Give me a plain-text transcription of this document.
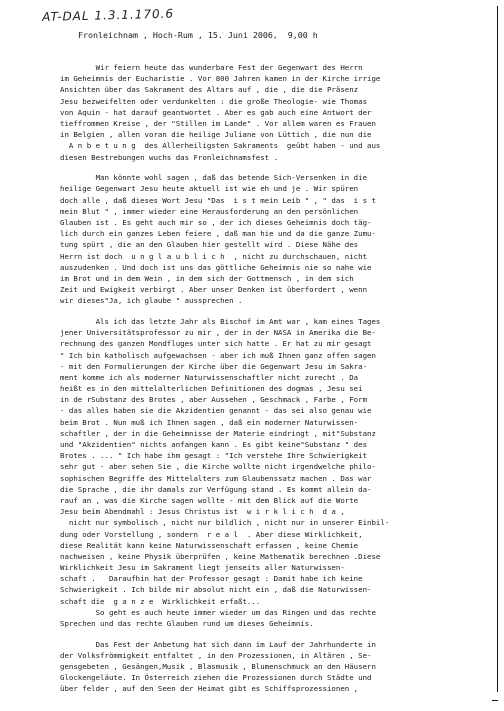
AT-DAL 1.3.1.170.6
Fronleichnam , Hoch-Rum , 15. Juni 2006,  9,00 h
Wir feiern heute das wunderbare Fest der Gegenwart des Herrn
im Geheimnis der Eucharistie . Vor 800 Jahren kamen in der Kirche irrige
Ansichten über das Sakrament des Altars auf , die , die die Präsenz
Jesu bezweifelten oder verdunkelten : die große Theologie- wie Thomas
von Aquin - hat darauf geantwortet . Aber es gab auch eine Antwort der
tieffrommen Kreise , der "Stillen im Lande" . Vor allem waren es Frauen
in Belgien , allen voran die heilige Juliane von Lüttich , die nun die
A n b e t u n g  des Allerheiligsten Sakraments  geübt haben - und aus
diesen Bestrebungen wuchs das Fronleichnamsfest .
Man könnte wohl sagen , daß das betende Sich-Versenken in die
heilige Gegenwart Jesu heute aktuell ist wie eh und je . Wir spüren
doch alle , daß dieses Wort Jesu "Das  i s t mein Leib " , " das  i s t
mein Blut " , immer wieder eine Herausforderung an den persönlichen
Glauben ist . Es geht auch mir so , der ich dieses Geheimnis doch täg-
lich durch ein ganzes Leben feiere , daß man hie und da die ganze Zumu-
tung spürt , die an den Glauben hier gestellt wird . Diese Nähe des
Herrn ist doch  u n g l a u b l i c h  , nicht zu durchschauen, nicht
auszudenken . Und doch ist uns das göttliche Geheimnis nie so nahe wie
im Brot und in dem Wein , in dem sich der Gottmensch , in dem sich
Zeit und Ewigkeit verbirgt . Aber unser Denken ist überfordert , wenn
wir dieses"Ja, ich glaube " aussprechen .
Als ich das letzte Jahr als Bischof im Amt war , kam eines Tages
jener Universitätsprofessor zu mir , der in der NASA in Amerika die Be-
rechnung des ganzen Mondfluges unter sich hatte . Er hat zu mir gesagt
" Ich bin katholisch aufgewachsen - aber ich muß Ihnen ganz offen sagen
- mit den Formulierungen der Kirche über die Gegenwart Jesu im Sakra-
ment komme ich als moderner Naturwissenschaftler nicht zurecht . Da
heißt es in den mittelalterlichen Definitionen des dogmas , Jesu sei
in de rSubstanz des Brotes , aber Aussehen , Geschmack , Farbe , Form
- das alles haben sie die Akzidentien genannt - das sei also genau wie
beim Brot . Nun muß ich Ihnen sagen , daß ein moderner Naturwissen-
schaftler , der in die Geheimnisse der Materie eindringt , mit"Substanz
und "Akzidentien" nichts anfangen kann . Es gibt keine"Substanz " des
Brotes . ... " Ich habe ihm gesagt : "Ich verstehe Ihre Schwierigkeit
sehr gut - aber sehen Sie , die Kirche wollte nicht irgendwelche philo-
sophischen Begriffe des Mittelalters zum Glaubenssatz machen . Das war
die Sprache , die ihr damals zur Verfügung stand . Es kommt allein da-
rauf an , was die Kirche sagen wollte - mit dem Blick auf die Worte
Jesu beim Abendmahl : Jesus Christus ist  w i r k l i c h  d a ,
nicht nur symbolisch , nicht nur bildlich , nicht nur in unserer Einbil-
dung oder Vorstellung , sondern  r e a l  . Aber diese Wirklichkeit,
diese Realität kann keine Naturwissenschaft erfassen , keine Chemie
nachweisen , keine Physik überprüfen , keine Mathematik berechnen .Diese
Wirklichkeit Jesu im Sakrament liegt jenseits aller Naturwissen-
schaft .   Daraufhin hat der Professor gesagt : Damit habe ich keine
Schwierigkeit . Ich bilde mir absolut nicht ein , daß die Naturwissen-
schaft die  g a n z e  Wirklichkeit erfaßt...
So geht es auch heute immer wieder um das Ringen und das rechte
Sprechen und das rechte Glauben rund um dieses Geheimnis.
Das Fest der Anbetung hat sich dann im Lauf der Jahrhunderte in
der Volksfrömmigkeit entfaltet , in den Prozessionen, in Altären , Se-
gensgebeten , Gesängen,Musik , Blasmusik , Blumenschmuck an den Häusern
Glockengeläute. In Österreich ziehen die Prozessionen durch Städte und
über felder , auf den Seen der Heimat gibt es Schiffsprozessionen ,
